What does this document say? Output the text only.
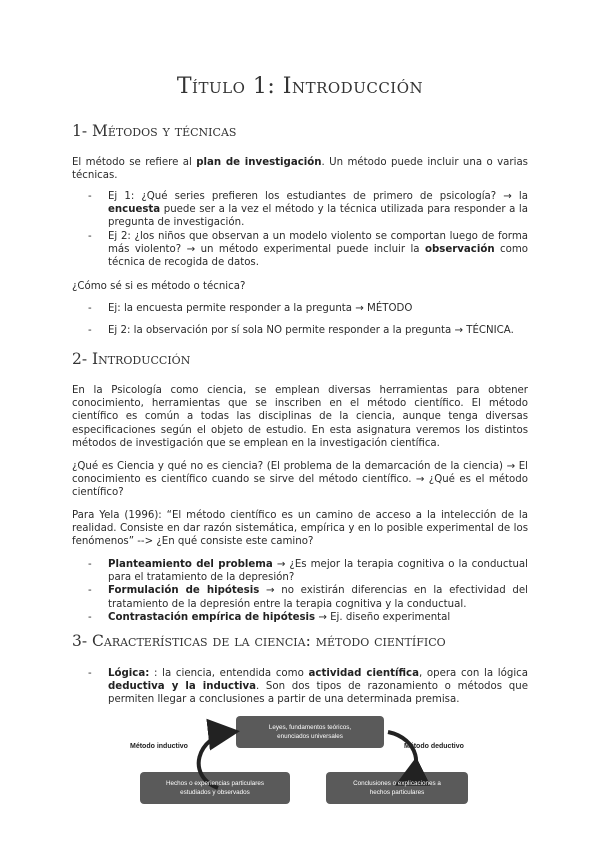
Título 1: Introducción
1- Métodos y técnicas

El método se refiere al plan de investigación. Un método puede incluir una o varias técnicas.

- Ej 1: ¿Qué series prefieren los estudiantes de primero de psicología? → la encuesta puede ser a la vez el método y la técnica utilizada para responder a la pregunta de investigación.
- Ej 2: ¿los niños que observan a un modelo violento se comportan luego de forma más violento? → un método experimental puede incluir la observación como técnica de recogida de datos.

¿Cómo sé si es método o técnica?

- Ej: la encuesta permite responder a la pregunta → MÉTODO
- Ej 2: la observación por sí sola NO permite responder a la pregunta → TÉCNICA.
2- Introducción

En la Psicología como ciencia, se emplean diversas herramientas para obtener conocimiento, herramientas que se inscriben en el método científico. El método científico es común a todas las disciplinas de la ciencia, aunque tenga diversas especificaciones según el objeto de estudio. En esta asignatura veremos los distintos métodos de investigación que se emplean en la investigación científica.

¿Qué es Ciencia y qué no es ciencia? (El problema de la demarcación de la ciencia) → El conocimiento es científico cuando se sirve del método científico. → ¿Qué es el método científico?

Para Yela (1996): “El método científico es un camino de acceso a la intelección de la realidad. Consiste en dar razón sistemática, empírica y en lo posible experimental de los fenómenos” --> ¿En qué consiste este camino?

- Planteamiento del problema → ¿Es mejor la terapia cognitiva o la conductual para el tratamiento de la depresión?
- Formulación de hipótesis → no existirán diferencias en la efectividad del tratamiento de la depresión entre la terapia cognitiva y la conductual.
- Contrastación empírica de hipótesis → Ej. diseño experimental
3- Características de la ciencia: método científico
- Lógica: : la ciencia, entendida como actividad científica, opera con la lógica deductiva y la inductiva. Son dos tipos de razonamiento o métodos que permiten llegar a conclusiones a partir de una determinada premisa.
Método inductivo	Método deductivo
Leyes, fundamentos teóricos,
enunciados universales
Hechos o experiencias particulares
estudiados y observados
Conclusiones o explicaciones a
hechos particulares
